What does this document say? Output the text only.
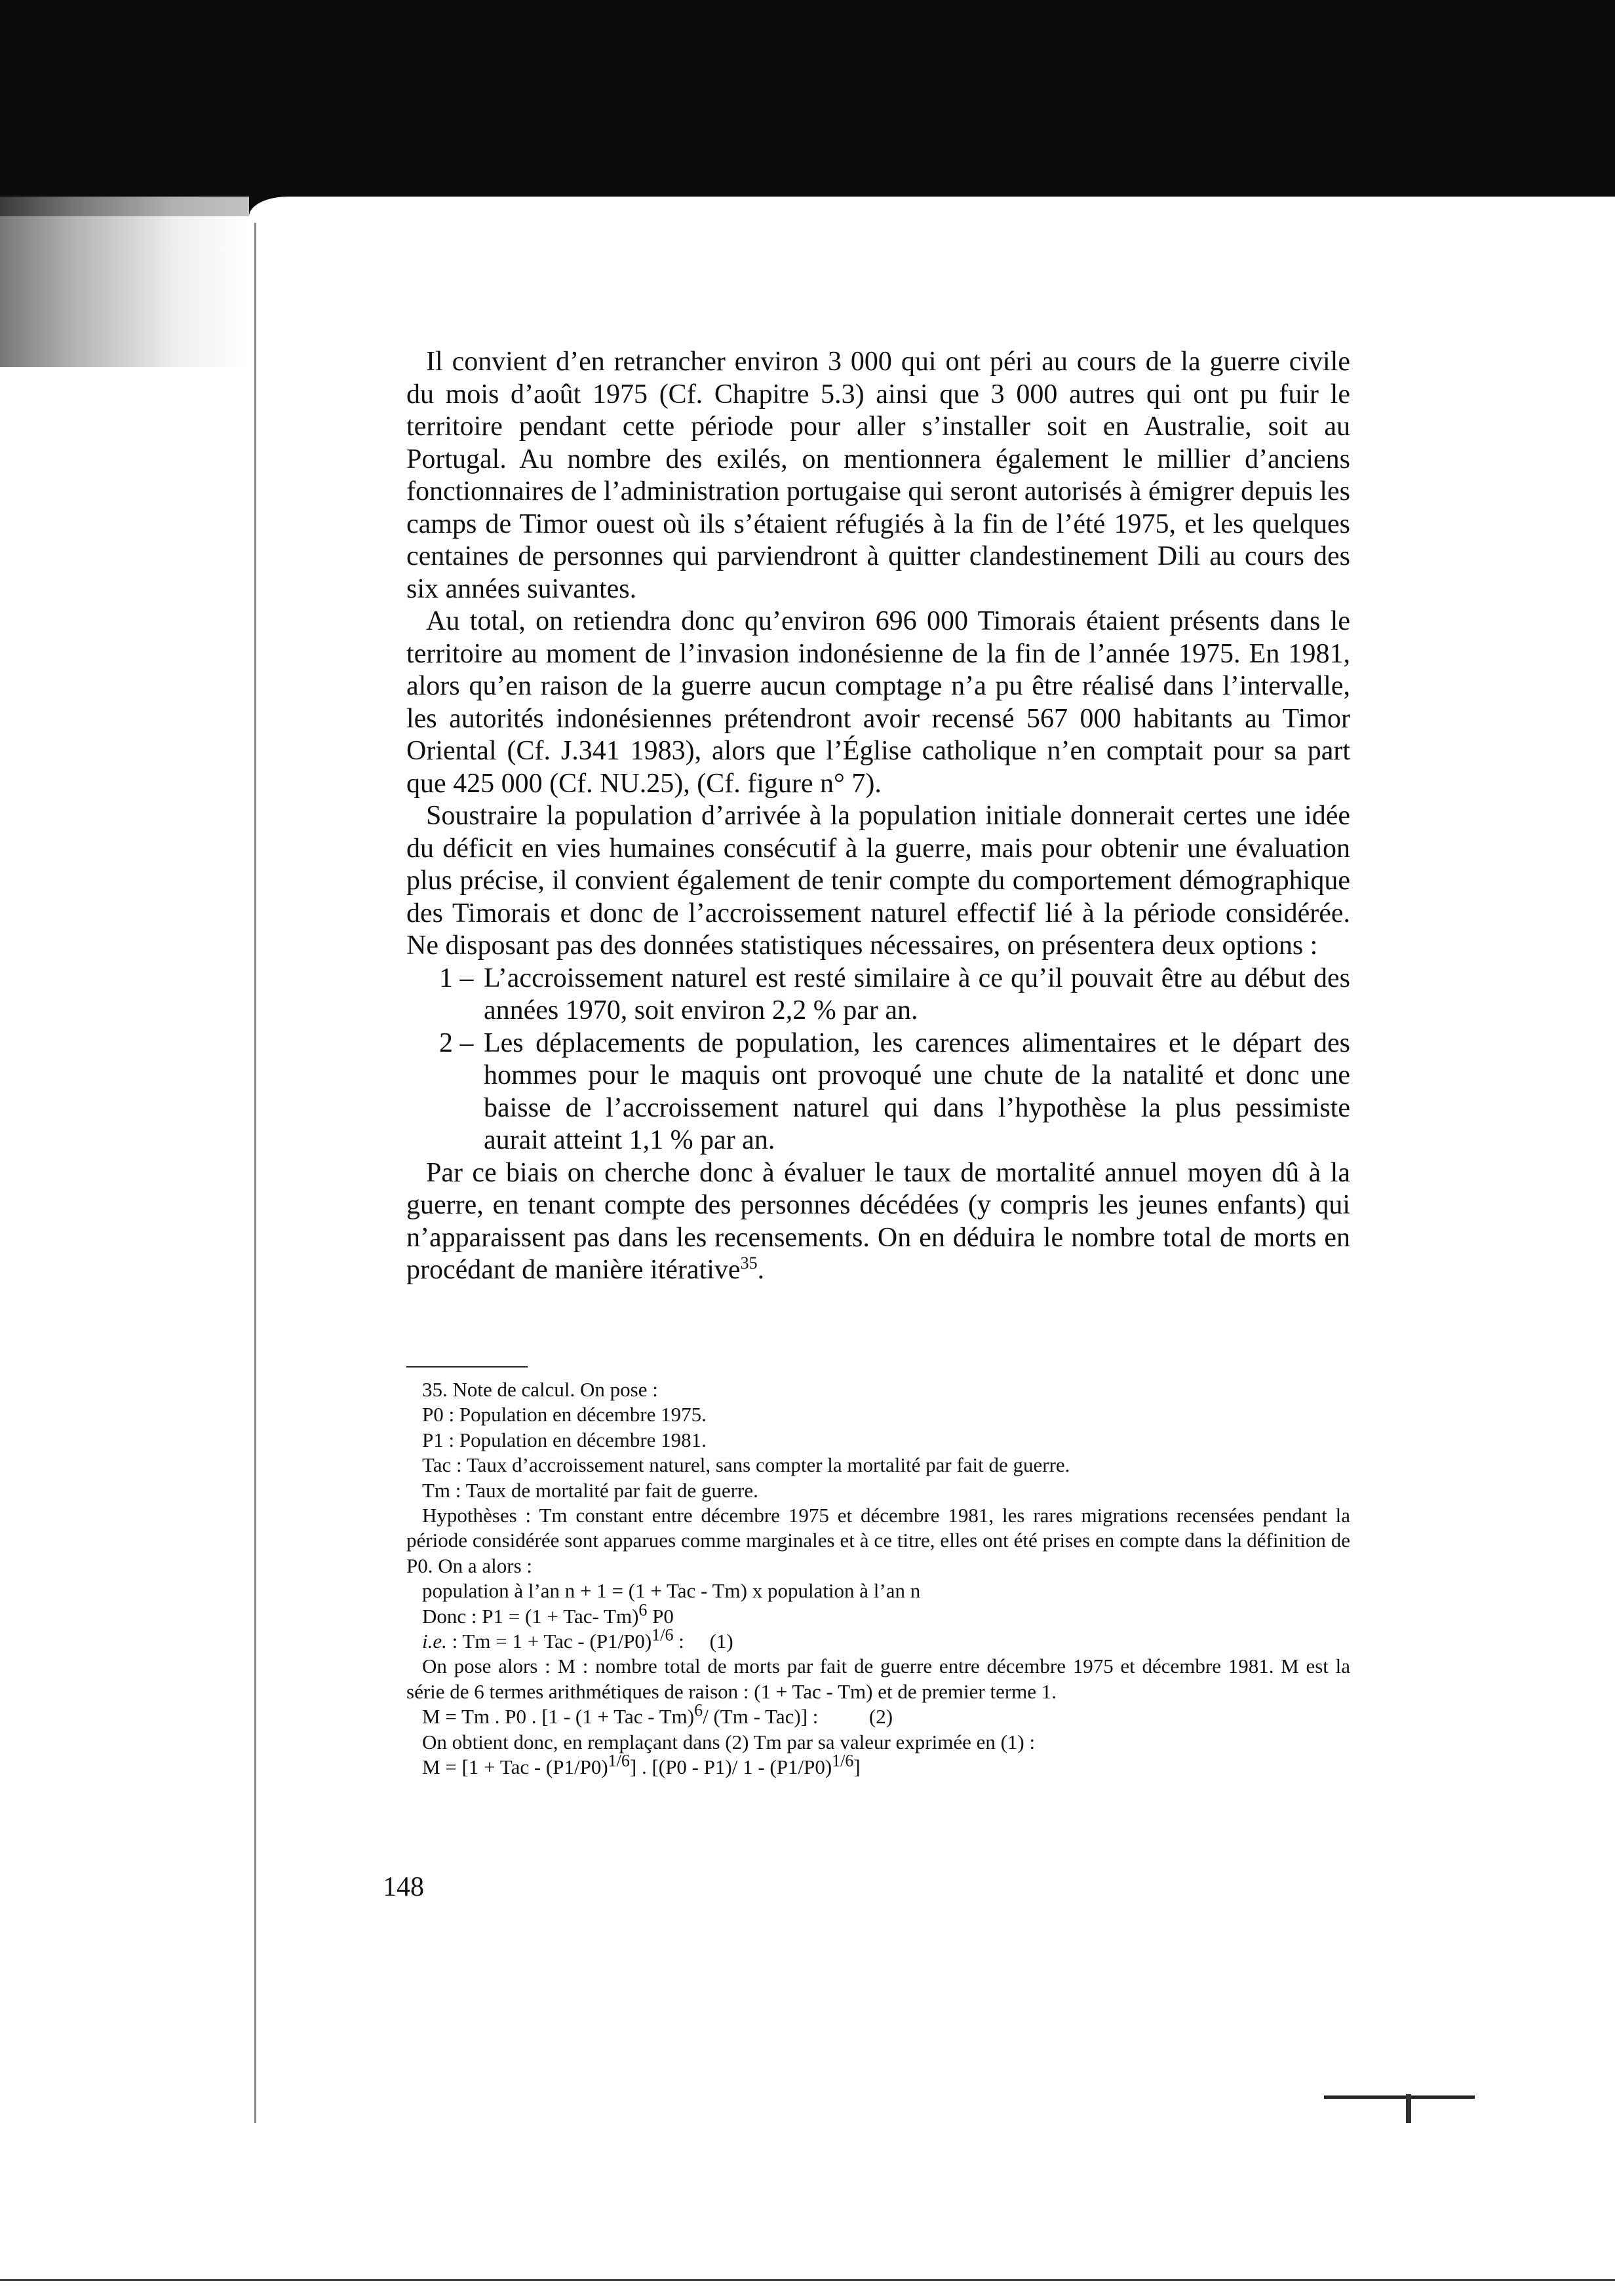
Il convient d’en retrancher environ 3 000 qui ont péri au cours de la guerre civile du mois d’août 1975 (Cf. Chapitre 5.3) ainsi que 3 000 autres qui ont pu fuir le territoire pendant cette période pour aller s’installer soit en Australie, soit au Portugal. Au nombre des exilés, on mentionnera également le millier d’anciens fonctionnaires de l’administration portugaise qui seront autorisés à émigrer depuis les camps de Timor ouest où ils s’étaient réfugiés à la fin de l’été 1975, et les quelques centaines de personnes qui parviendront à quitter clandestinement Dili au cours des six années suivantes.

Au total, on retiendra donc qu’environ 696 000 Timorais étaient présents dans le territoire au moment de l’invasion indonésienne de la fin de l’année 1975. En 1981, alors qu’en raison de la guerre aucun comptage n’a pu être réalisé dans l’intervalle, les autorités indonésiennes prétendront avoir recensé 567 000 habitants au Timor Oriental (Cf. J.341 1983), alors que l’Église catholique n’en comptait pour sa part que 425 000 (Cf. NU.25), (Cf. figure n° 7).

Soustraire la population d’arrivée à la population initiale donnerait certes une idée du déficit en vies humaines consécutif à la guerre, mais pour obtenir une évaluation plus précise, il convient également de tenir compte du comportement démographique des Timorais et donc de l’accroissement naturel effectif lié à la période considérée. Ne disposant pas des données statistiques nécessaires, on présentera deux options :

1 – L’accroissement naturel est resté similaire à ce qu’il pouvait être au début des années 1970, soit environ 2,2 % par an.
2 – Les déplacements de population, les carences alimentaires et le départ des hommes pour le maquis ont provoqué une chute de la natalité et donc une baisse de l’accroissement naturel qui dans l’hypothèse la plus pessimiste aurait atteint 1,1 % par an.

Par ce biais on cherche donc à évaluer le taux de mortalité annuel moyen dû à la guerre, en tenant compte des personnes décédées (y compris les jeunes enfants) qui n’apparaissent pas dans les recensements. On en déduira le nombre total de morts en procédant de manière itérative$^{35}$.

35. Note de calcul. On pose :

P0 : Population en décembre 1975.

P1 : Population en décembre 1981.

Tac : Taux d’accroissement naturel, sans compter la mortalité par fait de guerre.

Tm : Taux de mortalité par fait de guerre.

Hypothèses : Tm constant entre décembre 1975 et décembre 1981, les rares migrations recensées pendant la période considérée sont apparues comme marginales et à ce titre, elles ont été prises en compte dans la définition de P0. On a alors :

population à l’an n + 1 = (1 + Tac - Tm) x population à l’an n

Donc : P1 = (1 + Tac- Tm)$^6$ P0

i.e. : Tm = 1 + Tac - $(P1/P0)^{1/6}$ :     (1)

On pose alors : M : nombre total de morts par fait de guerre entre décembre 1975 et décembre 1981. M est la série de 6 termes arithmétiques de raison : (1 + Tac - Tm) et de premier terme 1.

M = Tm . P0 . [1 - (1 + Tac - Tm)$^6$/ (Tm - Tac)] :          (2)

On obtient donc, en remplaçant dans (2) Tm par sa valeur exprimée en (1) :

M = [1 + Tac - $(P1/P0)^{1/6}$] . [(P0 - P1)/ $1 - (P1/P0)^{1/6}$]

148
